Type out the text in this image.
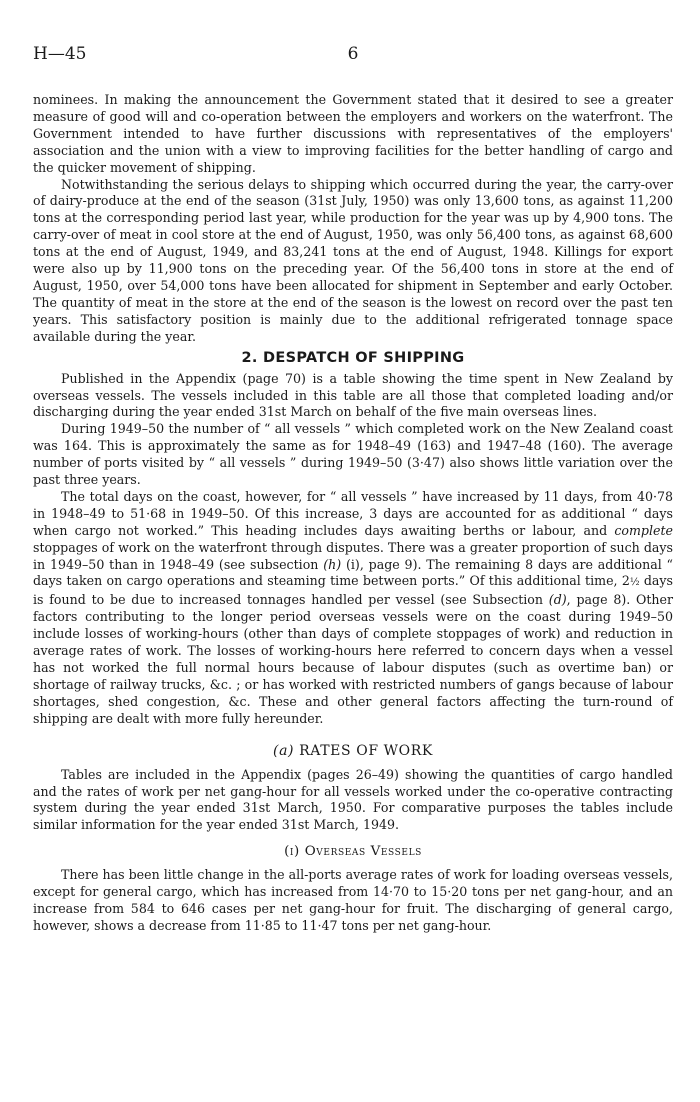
H—45	6

nominees. In making the announcement the Government stated that it desired to see a greater measure of good will and co-operation between the employers and workers on the waterfront. The Government intended to have further discussions with representatives of the employers' association and the union with a view to improving facilities for the better handling of cargo and the quicker movement of shipping.

Notwithstanding the serious delays to shipping which occurred during the year, the carry-over of dairy-produce at the end of the season (31st July, 1950) was only 13,600 tons, as against 11,200 tons at the corresponding period last year, while production for the year was up by 4,900 tons. The carry-over of meat in cool store at the end of August, 1950, was only 56,400 tons, as against 68,600 tons at the end of August, 1949, and 83,241 tons at the end of August, 1948. Killings for export were also up by 11,900 tons on the preceding year. Of the 56,400 tons in store at the end of August, 1950, over 54,000 tons have been allocated for shipment in September and early October. The quantity of meat in the store at the end of the season is the lowest on record over the past ten years. This satisfactory position is mainly due to the additional refrigerated tonnage space available during the year.

2. DESPATCH OF SHIPPING

Published in the Appendix (page 70) is a table showing the time spent in New Zealand by overseas vessels. The vessels included in this table are all those that completed loading and/or discharging during the year ended 31st March on behalf of the five main overseas lines.

During 1949–50 the number of “ all vessels ” which completed work on the New Zealand coast was 164. This is approximately the same as for 1948–49 (163) and 1947–48 (160). The average number of ports visited by “ all vessels ” during 1949–50 (3·47) also shows little variation over the past three years.

The total days on the coast, however, for “ all vessels ” have increased by 11 days, from 40·78 in 1948–49 to 51·68 in 1949–50. Of this increase, 3 days are accounted for as additional “ days when cargo not worked.” This heading includes days awaiting berths or labour, and complete stoppages of work on the waterfront through disputes. There was a greater proportion of such days in 1949–50 than in 1948–49 (see subsection (h) (i), page 9). The remaining 8 days are additional “ days taken on cargo operations and steaming time between ports.” Of this additional time, 2½ days is found to be due to increased tonnages handled per vessel (see Subsection (d), page 8). Other factors contributing to the longer period overseas vessels were on the coast during 1949–50 include losses of working-hours (other than days of complete stoppages of work) and reduction in average rates of work. The losses of working-hours here referred to concern days when a vessel has not worked the full normal hours because of labour disputes (such as overtime ban) or shortage of railway trucks, &c. ; or has worked with restricted numbers of gangs because of labour shortages, shed congestion, &c. These and other general factors affecting the turn-round of shipping are dealt with more fully hereunder.

(a) RATES OF WORK

Tables are included in the Appendix (pages 26–49) showing the quantities of cargo handled and the rates of work per net gang-hour for all vessels worked under the co-operative contracting system during the year ended 31st March, 1950. For comparative purposes the tables include similar information for the year ended 31st March, 1949.

(i) Overseas Vessels

There has been little change in the all-ports average rates of work for loading overseas vessels, except for general cargo, which has increased from 14·70 to 15·20 tons per net gang-hour, and an increase from 584 to 646 cases per net gang-hour for fruit. The discharging of general cargo, however, shows a decrease from 11·85 to 11·47 tons per net gang-hour.
